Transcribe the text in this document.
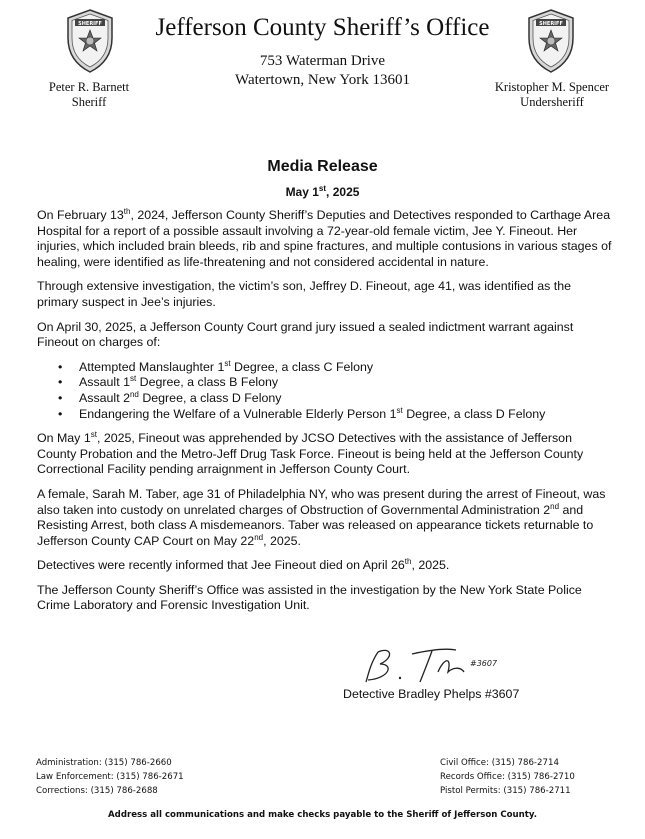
SHERIFF Jefferson County Sheriff’s Office
753 Waterman Drive
Watertown, New York 13601
SHERIFF
Peter R. Barnett
Sheriff
Kristopher M. Spencer
Undersheriff
Media Release
May 1st, 2025

On February 13th, 2024, Jefferson County Sheriff’s Deputies and Detectives responded to Carthage Area Hospital for a report of a possible assault involving a 72-year-old female victim, Jee Y. Fineout. Her injuries, which included brain bleeds, rib and spine fractures, and multiple contusions in various stages of healing, were identified as life-threatening and not considered accidental in nature.

Through extensive investigation, the victim’s son, Jeffrey D. Fineout, age 41, was identified as the primary suspect in Jee’s injuries.

On April 30, 2025, a Jefferson County Court grand jury issued a sealed indictment warrant against Fineout on charges of:

• Attempted Manslaughter 1st Degree, a class C Felony
• Assault 1st Degree, a class B Felony
• Assault 2nd Degree, a class D Felony
• Endangering the Welfare of a Vulnerable Elderly Person 1st Degree, a class D Felony

On May 1st, 2025, Fineout was apprehended by JCSO Detectives with the assistance of Jefferson County Probation and the Metro-Jeff Drug Task Force. Fineout is being held at the Jefferson County Correctional Facility pending arraignment in Jefferson County Court.

A female, Sarah M. Taber, age 31 of Philadelphia NY, who was present during the arrest of Fineout, was also taken into custody on unrelated charges of Obstruction of Governmental Administration 2nd and Resisting Arrest, both class A misdemeanors. Taber was released on appearance tickets returnable to Jefferson County CAP Court on May 22nd, 2025.

Detectives were recently informed that Jee Fineout died on April 26th, 2025.

The Jefferson County Sheriff’s Office was assisted in the investigation by the New York State Police Crime Laboratory and Forensic Investigation Unit.

#3607
Detective Bradley Phelps #3607
Administration: (315) 786-2660
Law Enforcement: (315) 786-2671
Corrections: (315) 786-2688
Civil Office: (315) 786-2714
Records Office: (315) 786-2710
Pistol Permits: (315) 786-2711
Address all communications and make checks payable to the Sheriff of Jefferson County.
